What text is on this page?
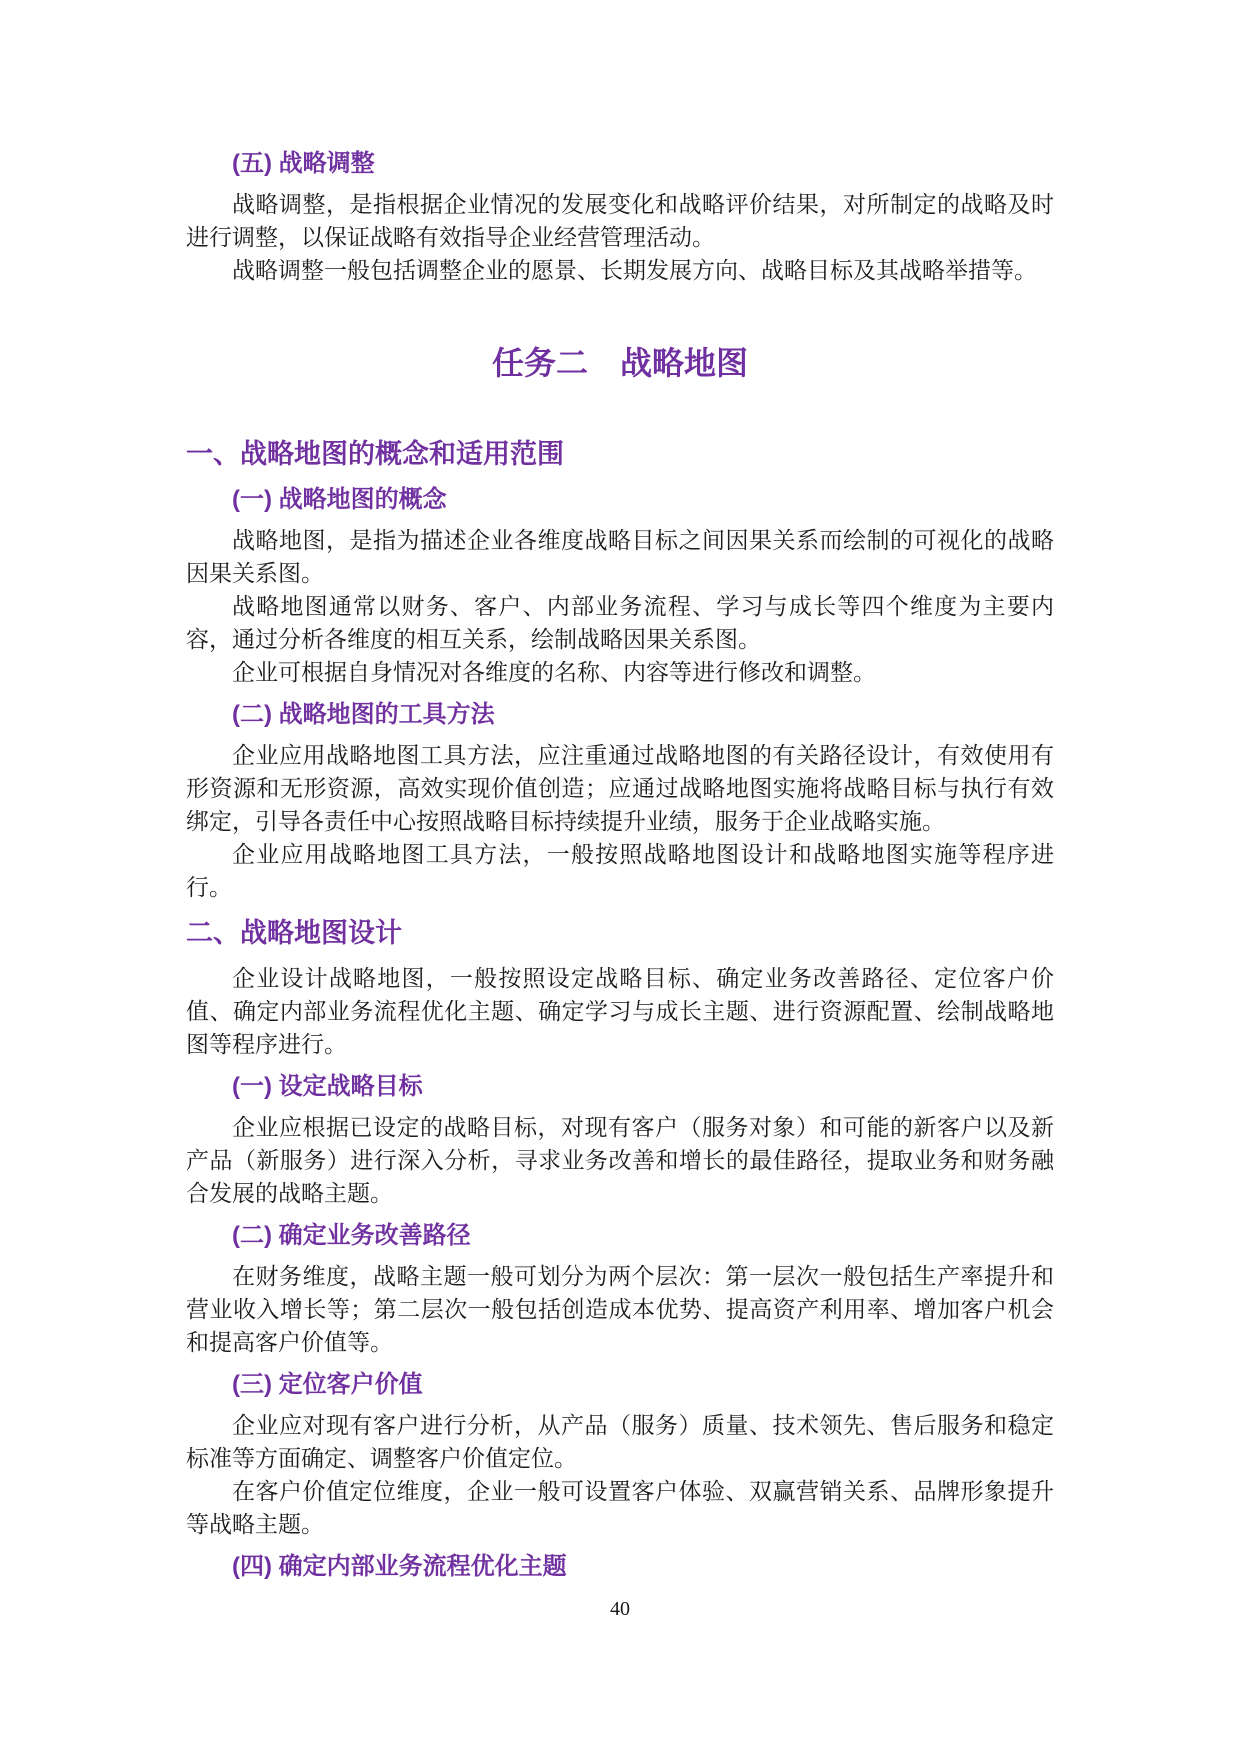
(五) 战略调整

战略调整，是指根据企业情况的发展变化和战略评价结果，对所制定的战略及时进行调整，以保证战略有效指导企业经营管理活动。

战略调整一般包括调整企业的愿景、长期发展方向、战略目标及其战略举措等。

任务二　战略地图
一、战略地图的概念和适用范围
(一) 战略地图的概念

战略地图，是指为描述企业各维度战略目标之间因果关系而绘制的可视化的战略因果关系图。

战略地图通常以财务、客户、内部业务流程、学习与成长等四个维度为主要内容，通过分析各维度的相互关系，绘制战略因果关系图。

企业可根据自身情况对各维度的名称、内容等进行修改和调整。

(二) 战略地图的工具方法

企业应用战略地图工具方法，应注重通过战略地图的有关路径设计，有效使用有形资源和无形资源，高效实现价值创造；应通过战略地图实施将战略目标与执行有效绑定，引导各责任中心按照战略目标持续提升业绩，服务于企业战略实施。

企业应用战略地图工具方法，一般按照战略地图设计和战略地图实施等程序进行。

二、战略地图设计

企业设计战略地图，一般按照设定战略目标、确定业务改善路径、定位客户价值、确定内部业务流程优化主题、确定学习与成长主题、进行资源配置、绘制战略地图等程序进行。

(一) 设定战略目标

企业应根据已设定的战略目标，对现有客户（服务对象）和可能的新客户以及新产品（新服务）进行深入分析，寻求业务改善和增长的最佳路径，提取业务和财务融合发展的战略主题。

(二) 确定业务改善路径

在财务维度，战略主题一般可划分为两个层次：第一层次一般包括生产率提升和营业收入增长等；第二层次一般包括创造成本优势、提高资产利用率、增加客户机会和提高客户价值等。

(三) 定位客户价值

企业应对现有客户进行分析，从产品（服务）质量、技术领先、售后服务和稳定标准等方面确定、调整客户价值定位。

在客户价值定位维度，企业一般可设置客户体验、双赢营销关系、品牌形象提升等战略主题。

(四) 确定内部业务流程优化主题
40
